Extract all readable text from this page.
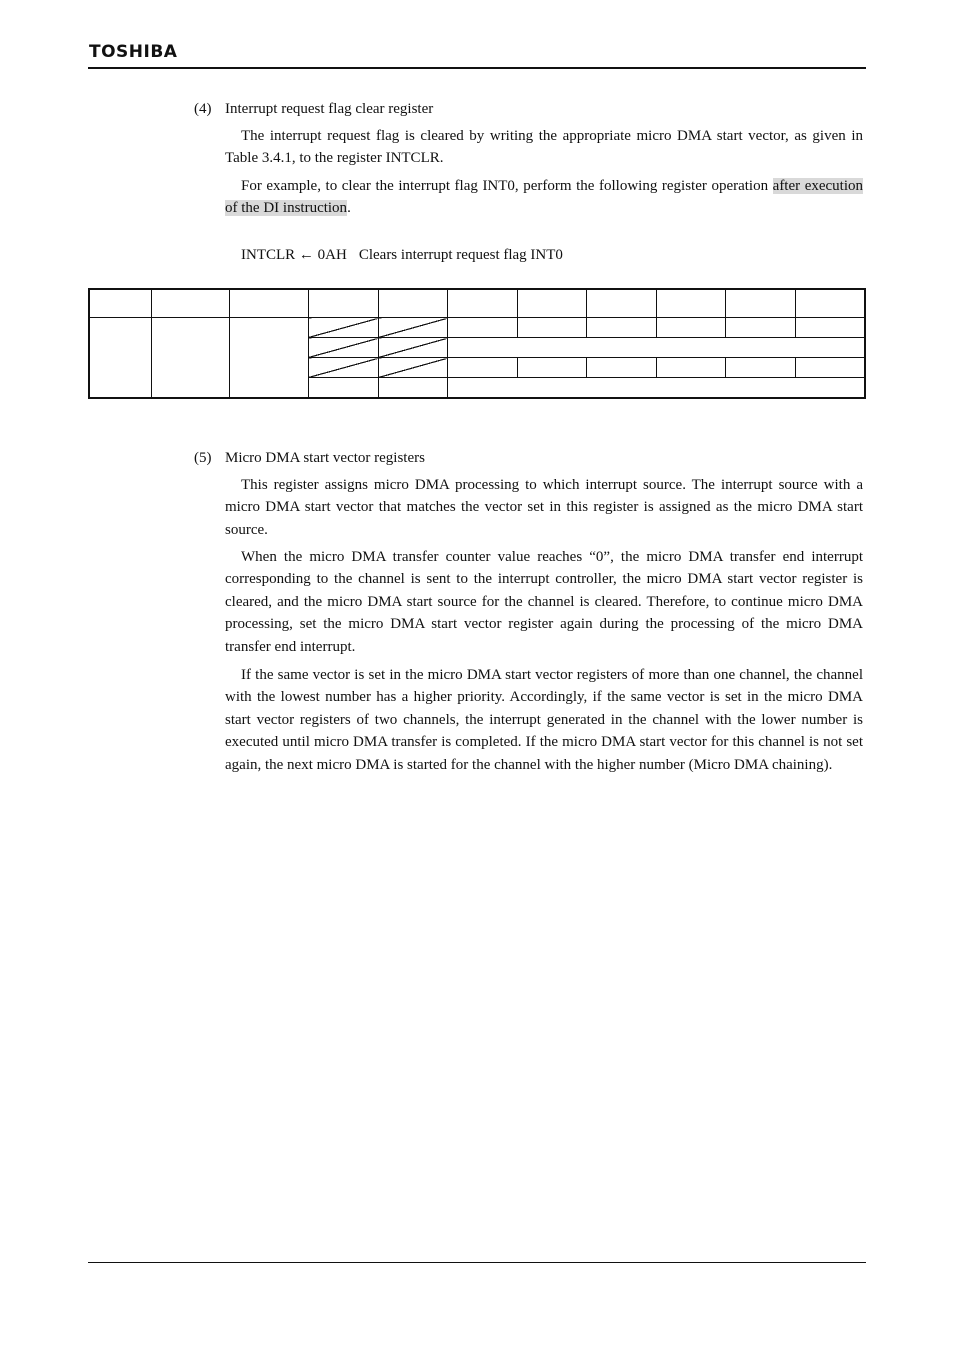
TOSHIBA
(4) Interrupt request flag clear register

The interrupt request flag is cleared by writing the appropriate micro DMA start vector, as given in Table 3.4.1, to the register INTCLR.

For example, to clear the interrupt flag INT0, perform the following register operation after execution of the DI instruction.

INTCLR ← 0AH Clears interrupt request flag INT0

(5) Micro DMA start vector registers

This register assigns micro DMA processing to which interrupt source. The interrupt source with a micro DMA start vector that matches the vector set in this register is assigned as the micro DMA start source.

When the micro DMA transfer counter value reaches “0”, the micro DMA transfer end interrupt corresponding to the channel is sent to the interrupt controller, the micro DMA start vector register is cleared, and the micro DMA start source for the channel is cleared. Therefore, to continue micro DMA processing, set the micro DMA start vector register again during the processing of the micro DMA transfer end interrupt.

If the same vector is set in the micro DMA start vector registers of more than one channel, the channel with the lowest number has a higher priority. Accordingly, if the same vector is set in the micro DMA start vector registers of two channels, the interrupt generated in the channel with the lower number is executed until micro DMA transfer is completed. If the micro DMA start vector for this channel is not set again, the next micro DMA is started for the channel with the higher number (Micro DMA chaining).
